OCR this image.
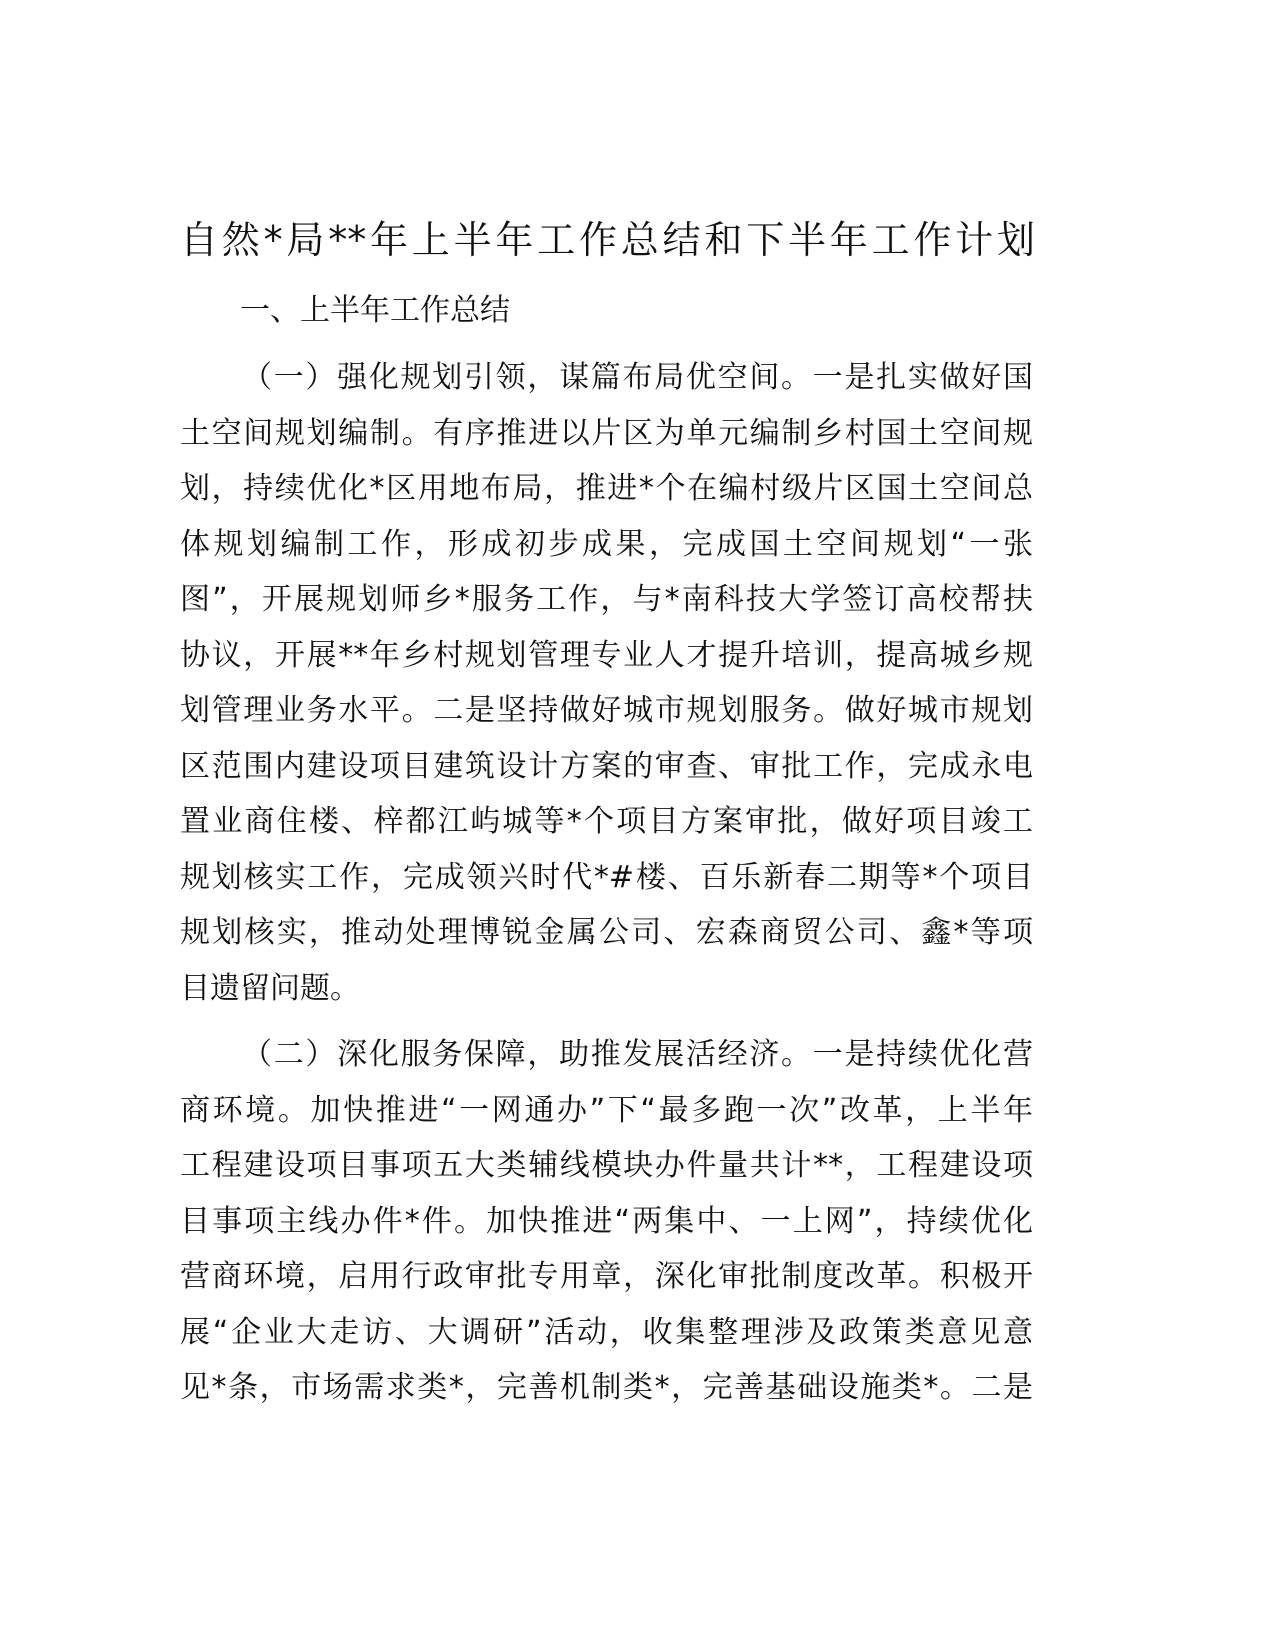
自然*局**年上半年工作总结和下半年工作计划
一、上半年工作总结
（一）强化规划引领，谋篇布局优空间。一是扎实做好国
土空间规划编制。有序推进以片区为单元编制乡村国土空间规
划，持续优化*区用地布局，推进*个在编村级片区国土空间总
体规划编制工作，形成初步成果，完成国土空间规划“一张
图”，开展规划师乡*服务工作，与*南科技大学签订高校帮扶
协议，开展**年乡村规划管理专业人才提升培训，提高城乡规
划管理业务水平。二是坚持做好城市规划服务。做好城市规划
区范围内建设项目建筑设计方案的审查、审批工作，完成永电
置业商住楼、梓都江屿城等*个项目方案审批，做好项目竣工
规划核实工作，完成领兴时代*#楼、百乐新春二期等*个项目
规划核实，推动处理博锐金属公司、宏森商贸公司、鑫*等项
目遗留问题。
（二）深化服务保障，助推发展活经济。一是持续优化营
商环境。加快推进“一网通办”下“最多跑一次”改革，上半年
工程建设项目事项五大类辅线模块办件量共计**，工程建设项
目事项主线办件*件。加快推进“两集中、一上网”，持续优化
营商环境，启用行政审批专用章，深化审批制度改革。积极开
展“企业大走访、大调研”活动，收集整理涉及政策类意见意
见*条，市场需求类*，完善机制类*，完善基础设施类*。二是
